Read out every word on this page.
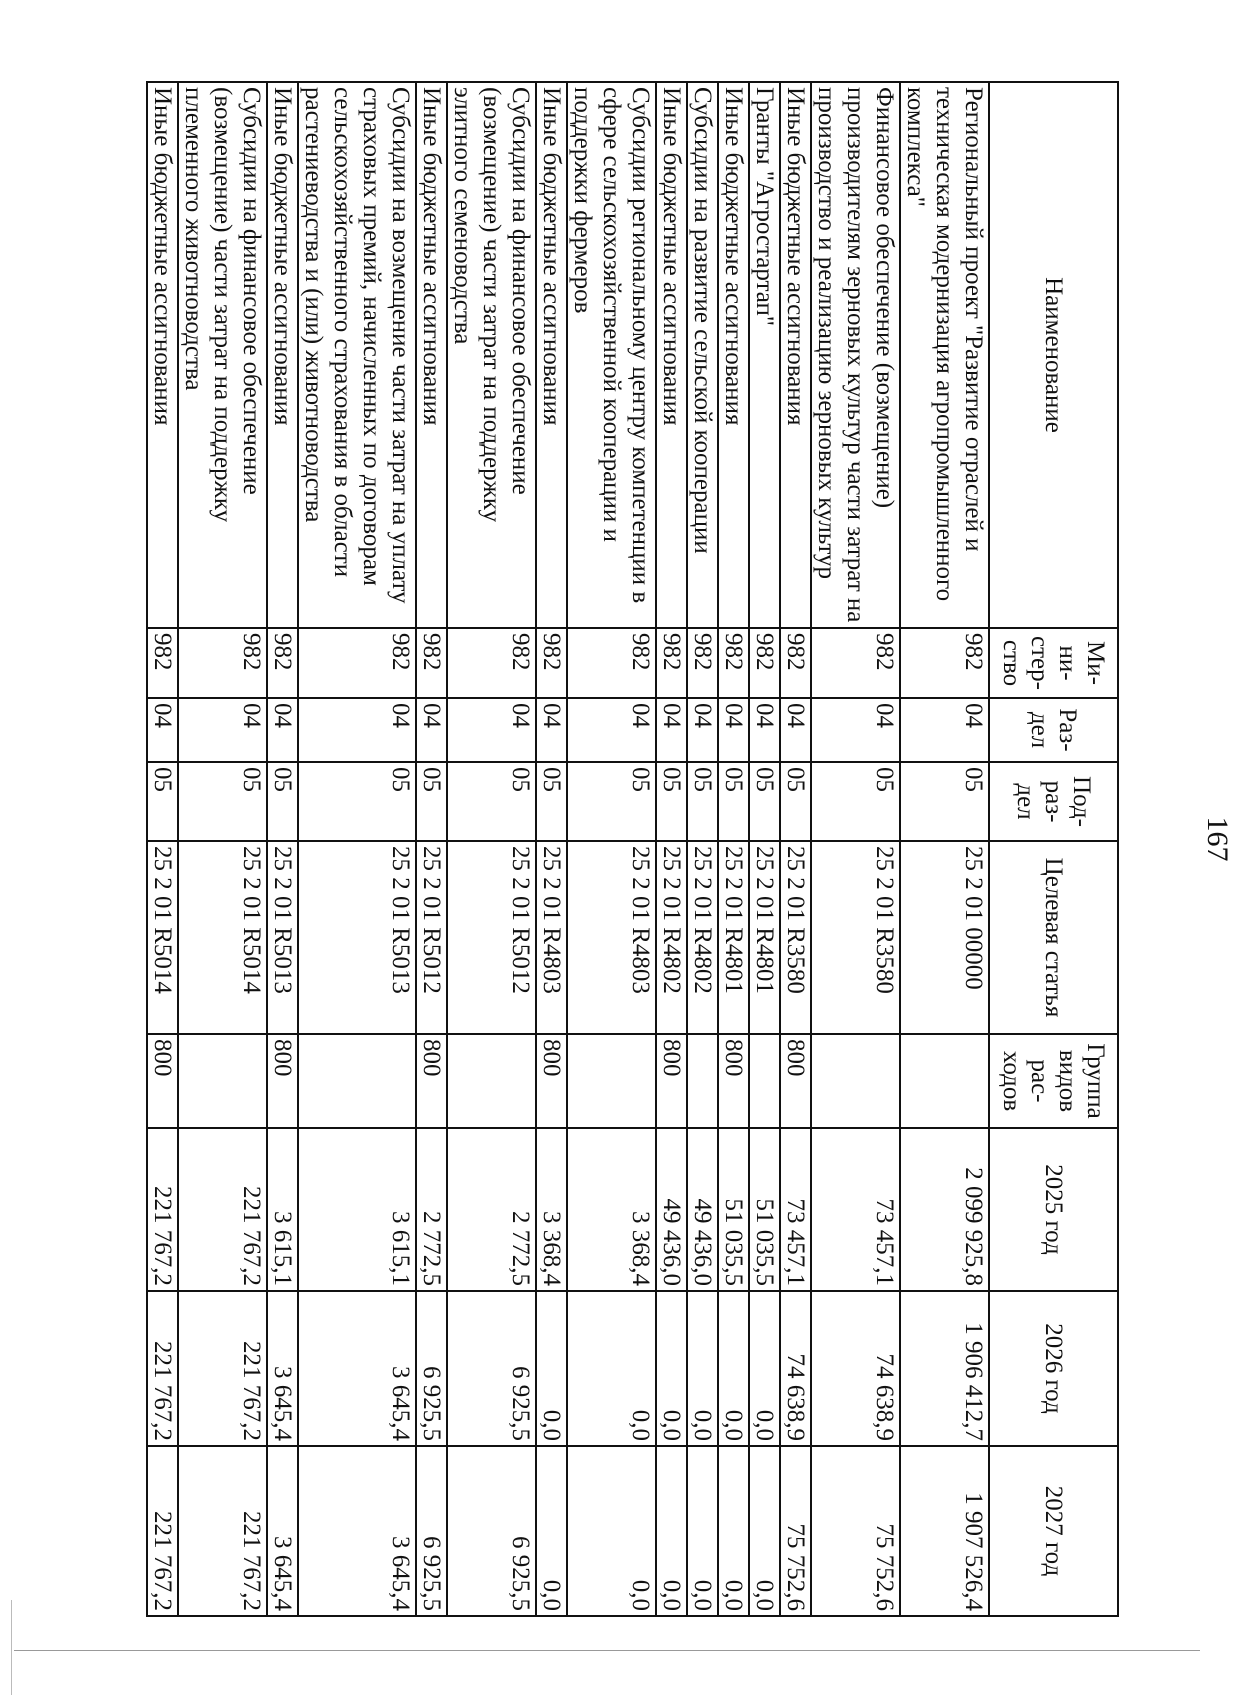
167
Наименование	Ми-ни-стер-ство	Раз-дел	Под-раз-дел	Целевая статья	Группа видов рас-ходов	2025 год	2026 год	2027 год
Региональный проект "Развитие отраслей и техническая модернизация агропромышленного комплекса"	982	04	05	25 2 01 00000		2 099 925,8	1 906 412,7	1 907 526,4
Финансовое обеспечение (возмещение) производителям зерновых культур части затрат на производство и реализацию зерновых культур	982	04	05	25 2 01 R3580		73 457,1	74 638,9	75 752,6
Иные бюджетные ассигнования	982	04	05	25 2 01 R3580	800	73 457,1	74 638,9	75 752,6
Гранты "Агростартап"	982	04	05	25 2 01 R4801		51 035,5	0,0	0,0
Иные бюджетные ассигнования	982	04	05	25 2 01 R4801	800	51 035,5	0,0	0,0
Субсидии на развитие сельской кооперации	982	04	05	25 2 01 R4802		49 436,0	0,0	0,0
Иные бюджетные ассигнования	982	04	05	25 2 01 R4802	800	49 436,0	0,0	0,0
Субсидии региональному центру компетенции в сфере сельскохозяйственной кооперации и поддержки фермеров	982	04	05	25 2 01 R4803		3 368,4	0,0	0,0
Иные бюджетные ассигнования	982	04	05	25 2 01 R4803	800	3 368,4	0,0	0,0
Субсидии на финансовое обеспечение (возмещение) части затрат на поддержку элитного семеноводства	982	04	05	25 2 01 R5012		2 772,5	6 925,5	6 925,5
Иные бюджетные ассигнования	982	04	05	25 2 01 R5012	800	2 772,5	6 925,5	6 925,5
Субсидии на возмещение части затрат на уплату страховых премий, начисленных по договорам сельскохозяйственного страхования в области растениеводства и (или) животноводства	982	04	05	25 2 01 R5013		3 615,1	3 645,4	3 645,4
Иные бюджетные ассигнования	982	04	05	25 2 01 R5013	800	3 615,1	3 645,4	3 645,4
Субсидии на финансовое обеспечение (возмещение) части затрат на поддержку племенного животноводства	982	04	05	25 2 01 R5014		221 767,2	221 767,2	221 767,2
Иные бюджетные ассигнования	982	04	05	25 2 01 R5014	800	221 767,2	221 767,2	221 767,2
